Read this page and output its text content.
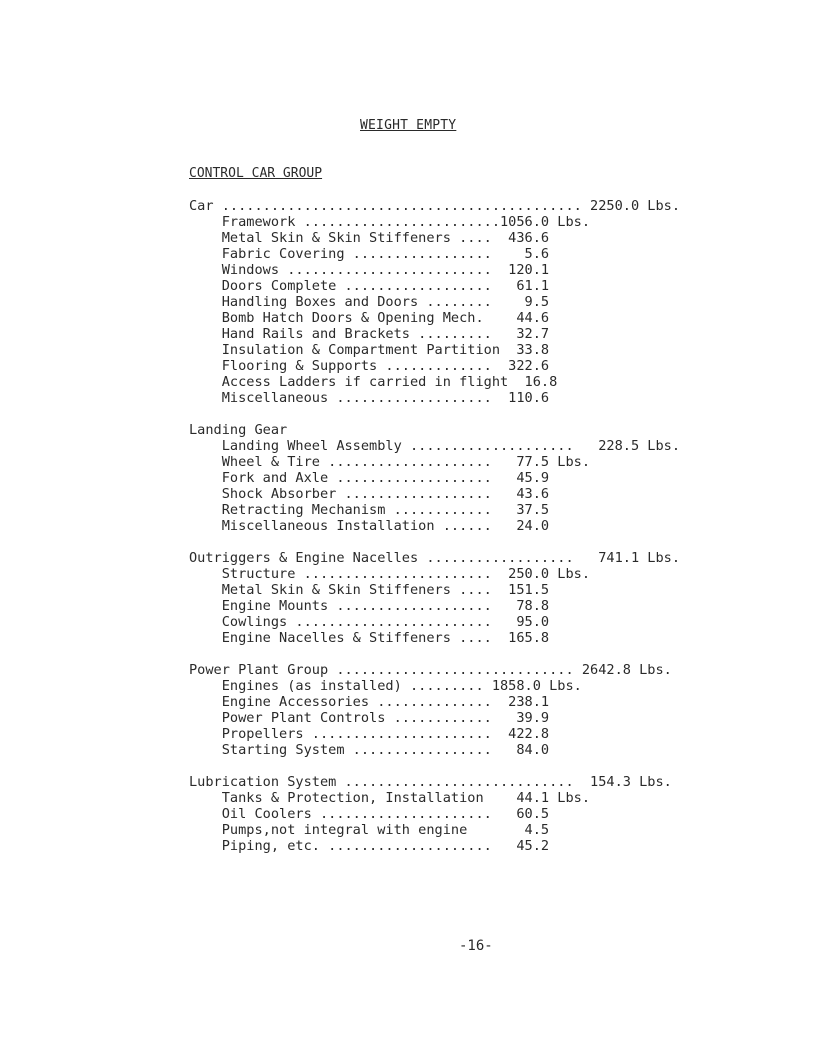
WEIGHT EMPTY
CONTROL CAR GROUP
Car ............................................ 2250.0 Lbs.
Framework ........................1056.0 Lbs.
Metal Skin & Skin Stiffeners ....  436.6
Fabric Covering .................    5.6
Windows .........................  120.1
Doors Complete ..................   61.1
Handling Boxes and Doors ........    9.5
Bomb Hatch Doors & Opening Mech.    44.6
Hand Rails and Brackets .........   32.7
Insulation & Compartment Partition  33.8
Flooring & Supports .............  322.6
Access Ladders if carried in flight  16.8
Miscellaneous ...................  110.6

Landing Gear
Landing Wheel Assembly ....................   228.5 Lbs.
Wheel & Tire ....................   77.5 Lbs.
Fork and Axle ...................   45.9
Shock Absorber ..................   43.6
Retracting Mechanism ............   37.5
Miscellaneous Installation ......   24.0

Outriggers & Engine Nacelles ..................   741.1 Lbs.
Structure .......................  250.0 Lbs.
Metal Skin & Skin Stiffeners ....  151.5
Engine Mounts ...................   78.8
Cowlings ........................   95.0
Engine Nacelles & Stiffeners ....  165.8

Power Plant Group ............................. 2642.8 Lbs.
Engines (as installed) ......... 1858.0 Lbs.
Engine Accessories ..............  238.1
Power Plant Controls ............   39.9
Propellers ......................  422.8
Starting System .................   84.0

Lubrication System ............................  154.3 Lbs.
Tanks & Protection, Installation    44.1 Lbs.
Oil Coolers .....................   60.5
Pumps,not integral with engine       4.5
Piping, etc. ....................   45.2
-16-
